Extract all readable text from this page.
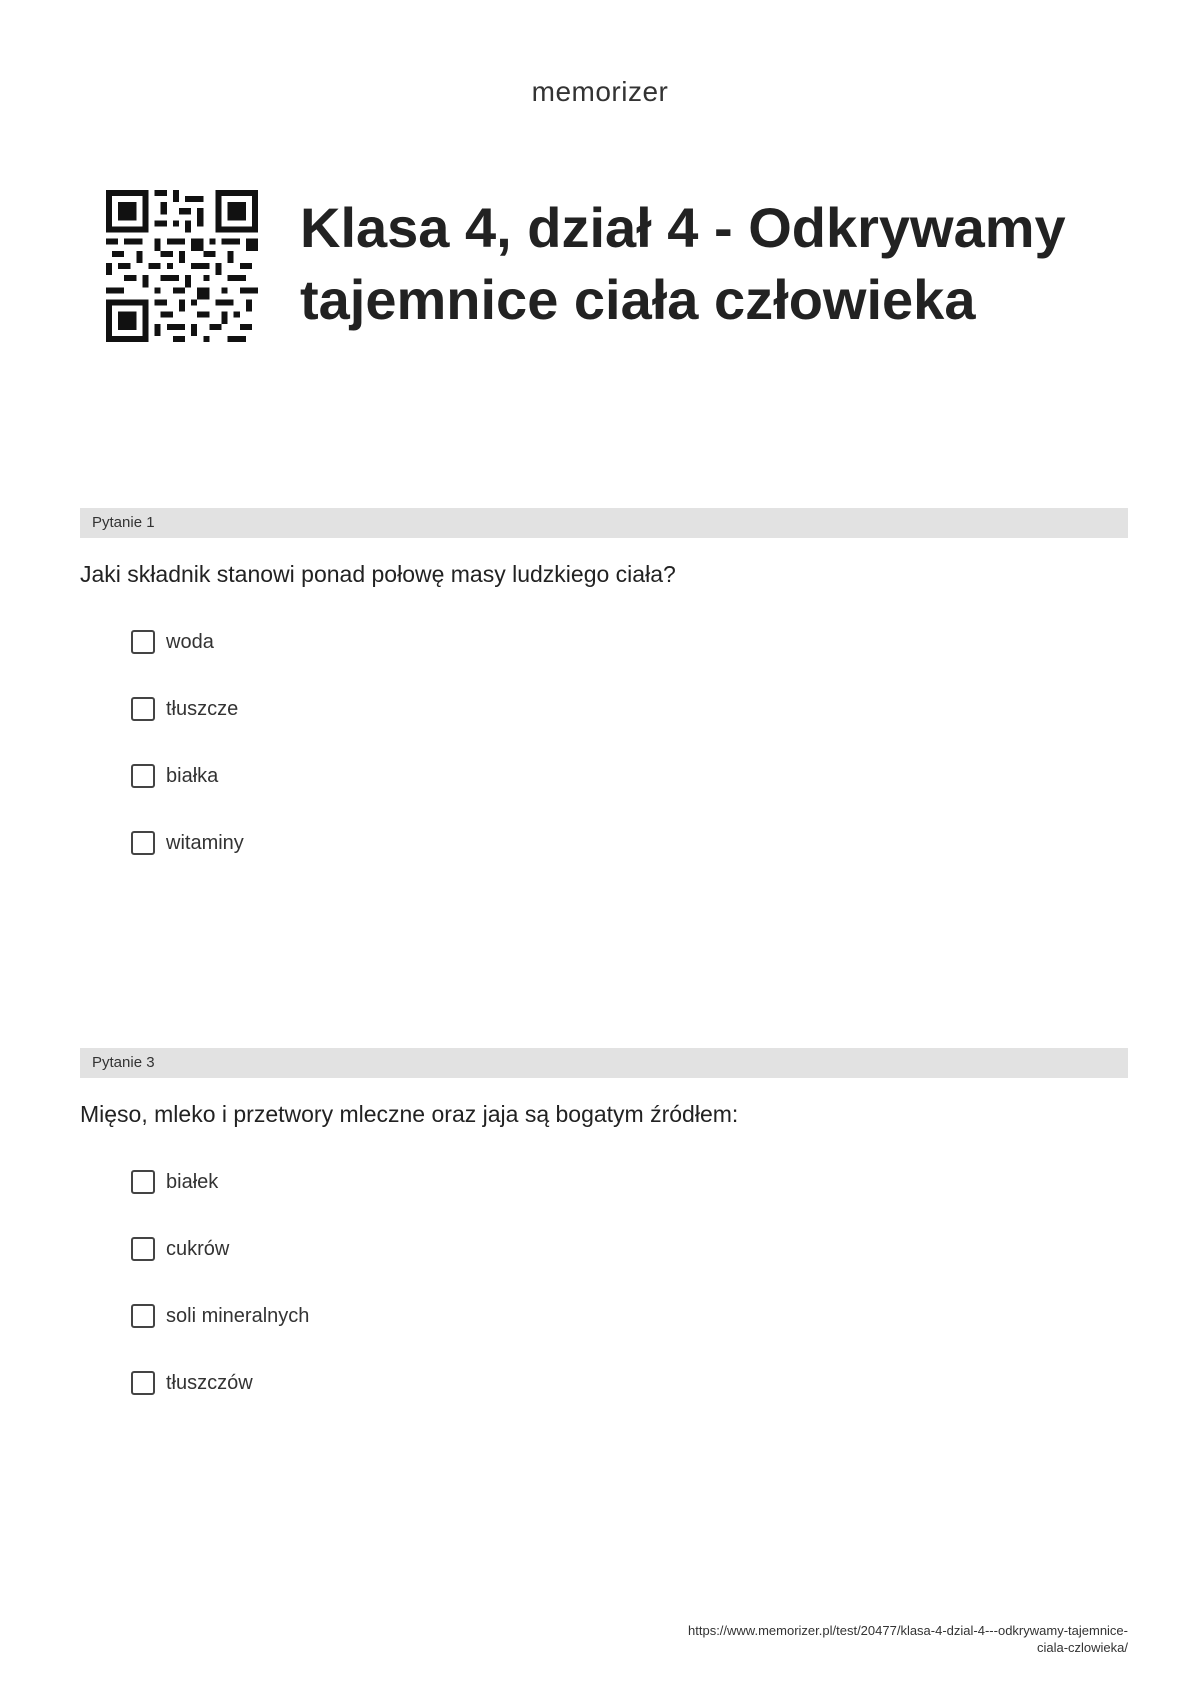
memorizer
Klasa 4, dział 4 - Odkrywamy tajemnice ciała człowieka
Pytanie 1
Jaki składnik stanowi ponad połowę masy ludzkiego ciała?
woda
tłuszcze
białka
witaminy
Pytanie 3
Mięso, mleko i przetwory mleczne oraz jaja są bogatym źródłem:
białek
cukrów
soli mineralnych
tłuszczów
https://www.memorizer.pl/test/20477/klasa-4-dzial-4---odkrywamy-tajemnice-
ciala-czlowieka/
